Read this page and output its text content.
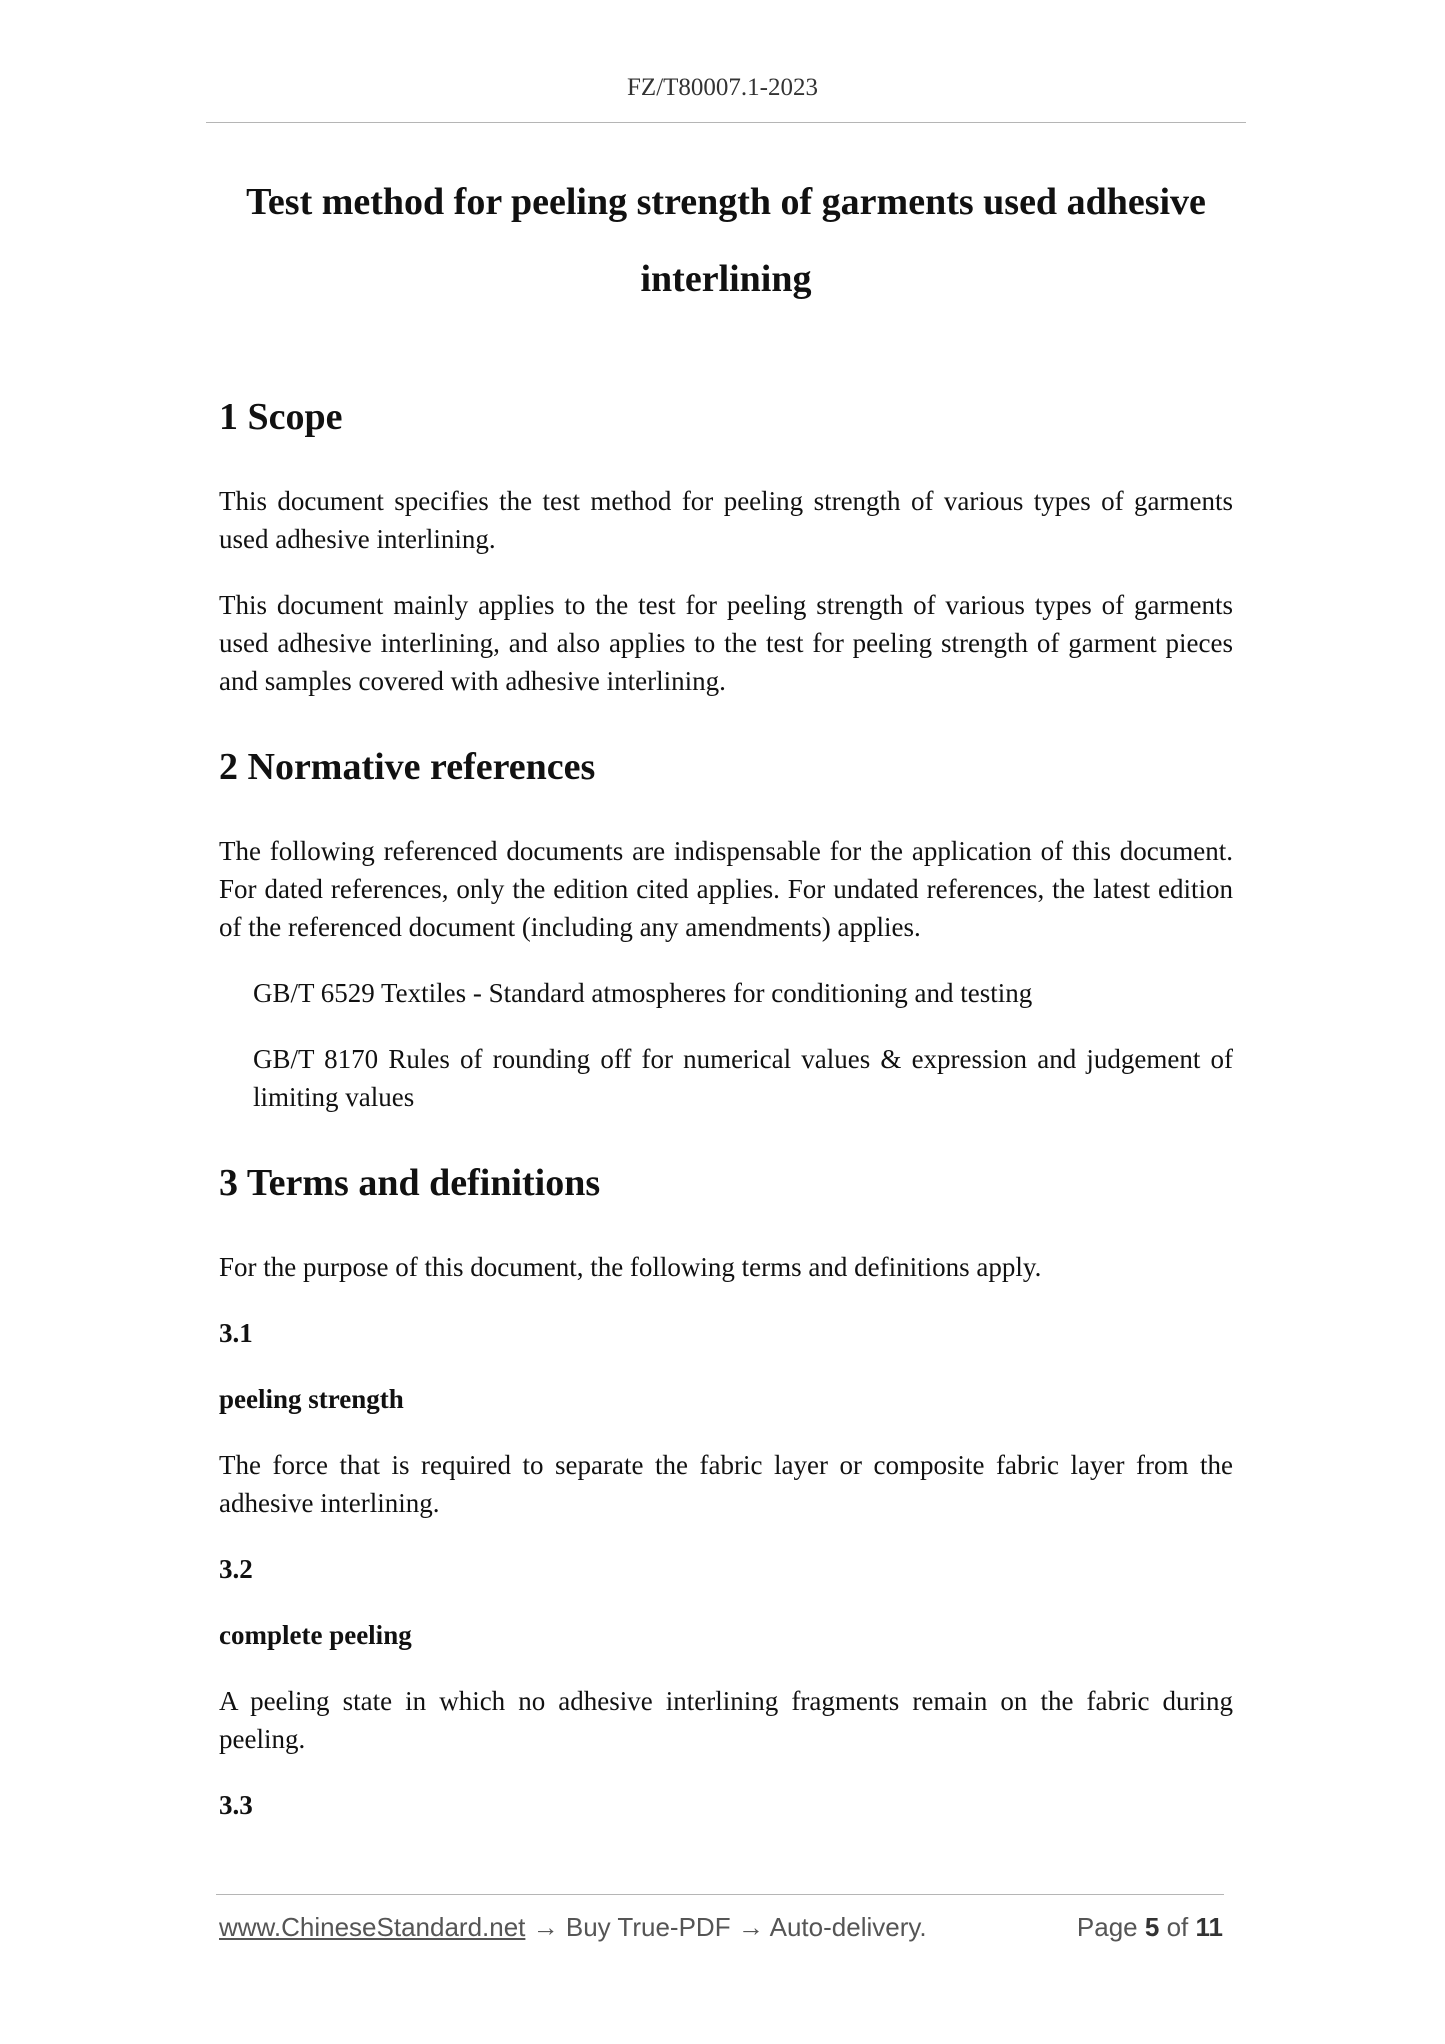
FZ/T80007.1-2023
Test method for peeling strength of garments used adhesive
interlining
1 Scope

This document specifies the test method for peeling strength of various types of garments used adhesive interlining.

This document mainly applies to the test for peeling strength of various types of garments used adhesive interlining, and also applies to the test for peeling strength of garment pieces and samples covered with adhesive interlining.

2 Normative references

The following referenced documents are indispensable for the application of this document. For dated references, only the edition cited applies. For undated references, the latest edition of the referenced document (including any amendments) applies.

GB/T 6529 Textiles - Standard atmospheres for conditioning and testing

GB/T 8170 Rules of rounding off for numerical values & expression and judgement of limiting values

3 Terms and definitions

For the purpose of this document, the following terms and definitions apply.

3.1

peeling strength

The force that is required to separate the fabric layer or composite fabric layer from the adhesive interlining.

3.2

complete peeling

A peeling state in which no adhesive interlining fragments remain on the fabric during peeling.

3.3

www.ChineseStandard.net → Buy True-PDF → Auto-delivery.	Page 5 of 11
